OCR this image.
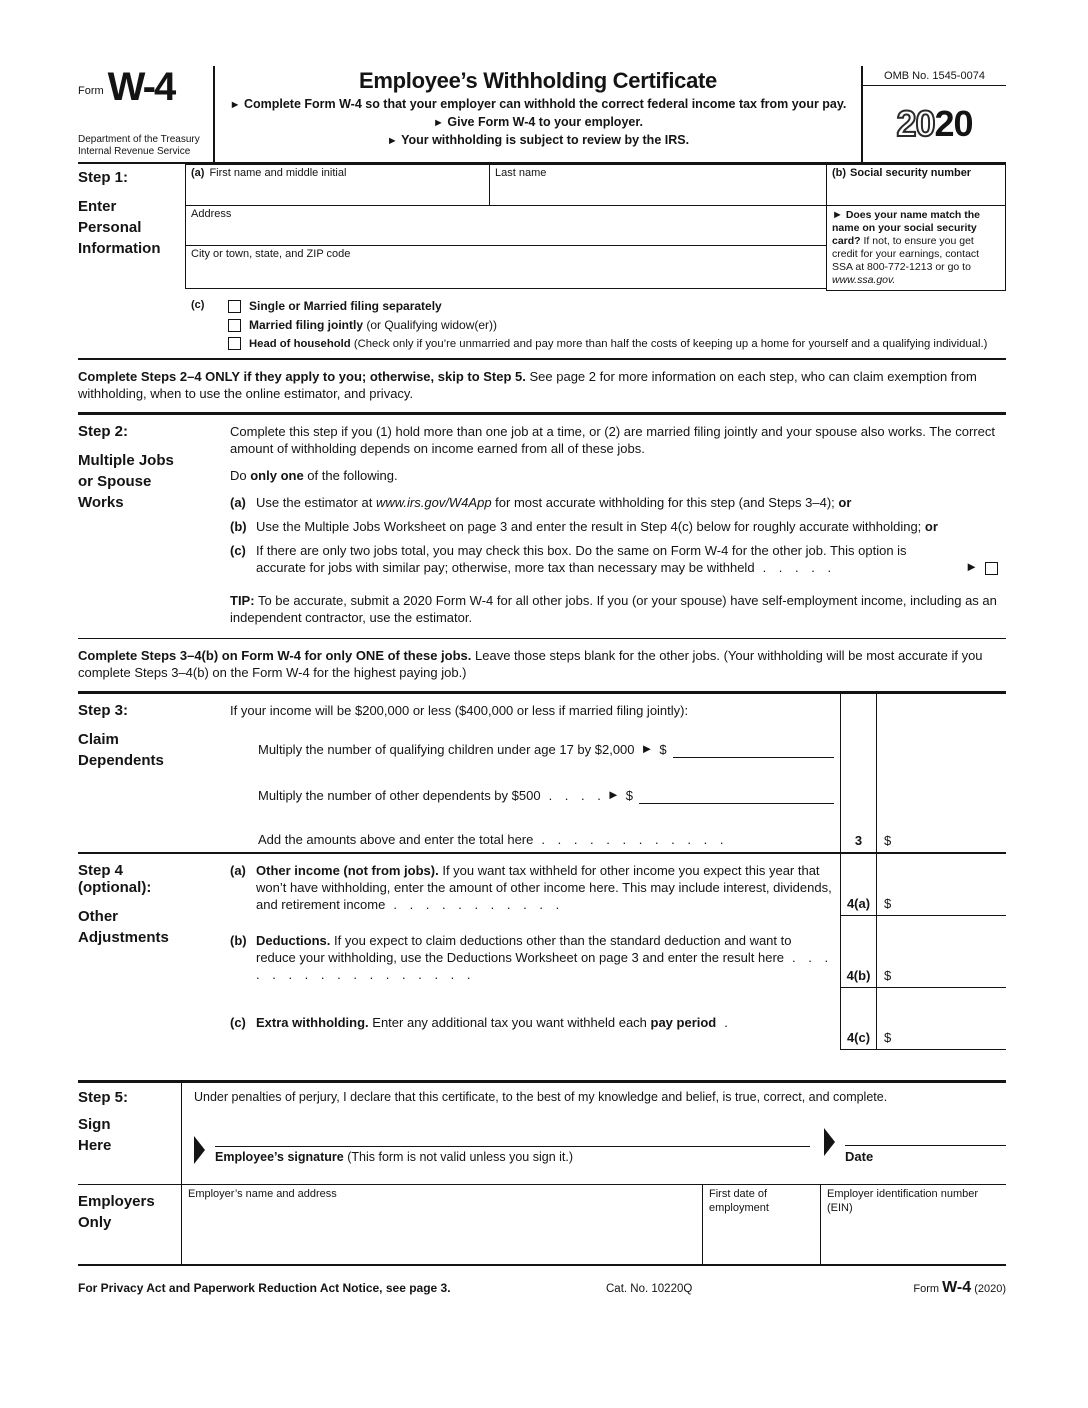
Form W-4
Department of the Treasury
Internal Revenue Service
Employee’s Withholding Certificate
► Complete Form W-4 so that your employer can withhold the correct federal income tax from your pay.
► Give Form W-4 to your employer.
► Your withholding is subject to review by the IRS.
OMB No. 1545-0074
20 20
Step 1:
Enter Personal Information
(a) First name and middle initial	Last name	(b) Social security number
Address
City or town, state, and ZIP code
► Does your name match the name on your social security card? If not, to ensure you get credit for your earnings, contact SSA at 800-772-1213 or go to www.ssa.gov.
(c)	Single or Married filing separately
Married filing jointly (or Qualifying widow(er))
Head of household (Check only if you’re unmarried and pay more than half the costs of keeping up a home for yourself and a qualifying individual.)
Complete Steps 2–4 ONLY if they apply to you; otherwise, skip to Step 5. See page 2 for more information on each step, who can claim exemption from withholding, when to use the online estimator, and privacy.
Step 2:
Multiple Jobs or Spouse Works
Complete this step if you (1) hold more than one job at a time, or (2) are married filing jointly and your spouse also works. The correct amount of withholding depends on income earned from all of these jobs.
Do only one of the following.
(a) Use the estimator at www.irs.gov/W4App for most accurate withholding for this step (and Steps 3–4); or
(b) Use the Multiple Jobs Worksheet on page 3 and enter the result in Step 4(c) below for roughly accurate withholding; or
(c) If there are only two jobs total, you may check this box. Do the same on Form W-4 for the other job. This option is accurate for jobs with similar pay; otherwise, more tax than necessary may be withheld . . . . .	►
TIP: To be accurate, submit a 2020 Form W-4 for all other jobs. If you (or your spouse) have self-employment income, including as an independent contractor, use the estimator.
Complete Steps 3–4(b) on Form W-4 for only ONE of these jobs. Leave those steps blank for the other jobs. (Your withholding will be most accurate if you complete Steps 3–4(b) on the Form W-4 for the highest paying job.)
Step 3:
Claim Dependents
If your income will be $200,000 or less ($400,000 or less if married filing jointly):
Multiply the number of qualifying children under age 17 by $2,000 ► $
Multiply the number of other dependents by $500 . . . . ► $
Add the amounts above and enter the total here . . . . . . . . . . . .	3	$
Step 4
(optional):
Other Adjustments
(a) Other income (not from jobs). If you want tax withheld for other income you expect this year that won’t have withholding, enter the amount of other income here. This may include interest, dividends, and retirement income . . . . . . . . . . .	4(a)	$
(b) Deductions. If you expect to claim deductions other than the standard deduction and want to reduce your withholding, use the Deductions Worksheet on page 3 and enter the result here . . . . . . . . . . . . . . . . .	4(b)	$
(c) Extra withholding. Enter any additional tax you want withheld each pay period .
4(c)	$
Step 5:
Sign Here
Under penalties of perjury, I declare that this certificate, to the best of my knowledge and belief, is true, correct, and complete.
Employee’s signature (This form is not valid unless you sign it.)	Date
Employers Only
Employer’s name and address	First date of employment
Employer identification number (EIN)
For Privacy Act and Paperwork Reduction Act Notice, see page 3.	Cat. No. 10220Q	Form W-4 (2020)
